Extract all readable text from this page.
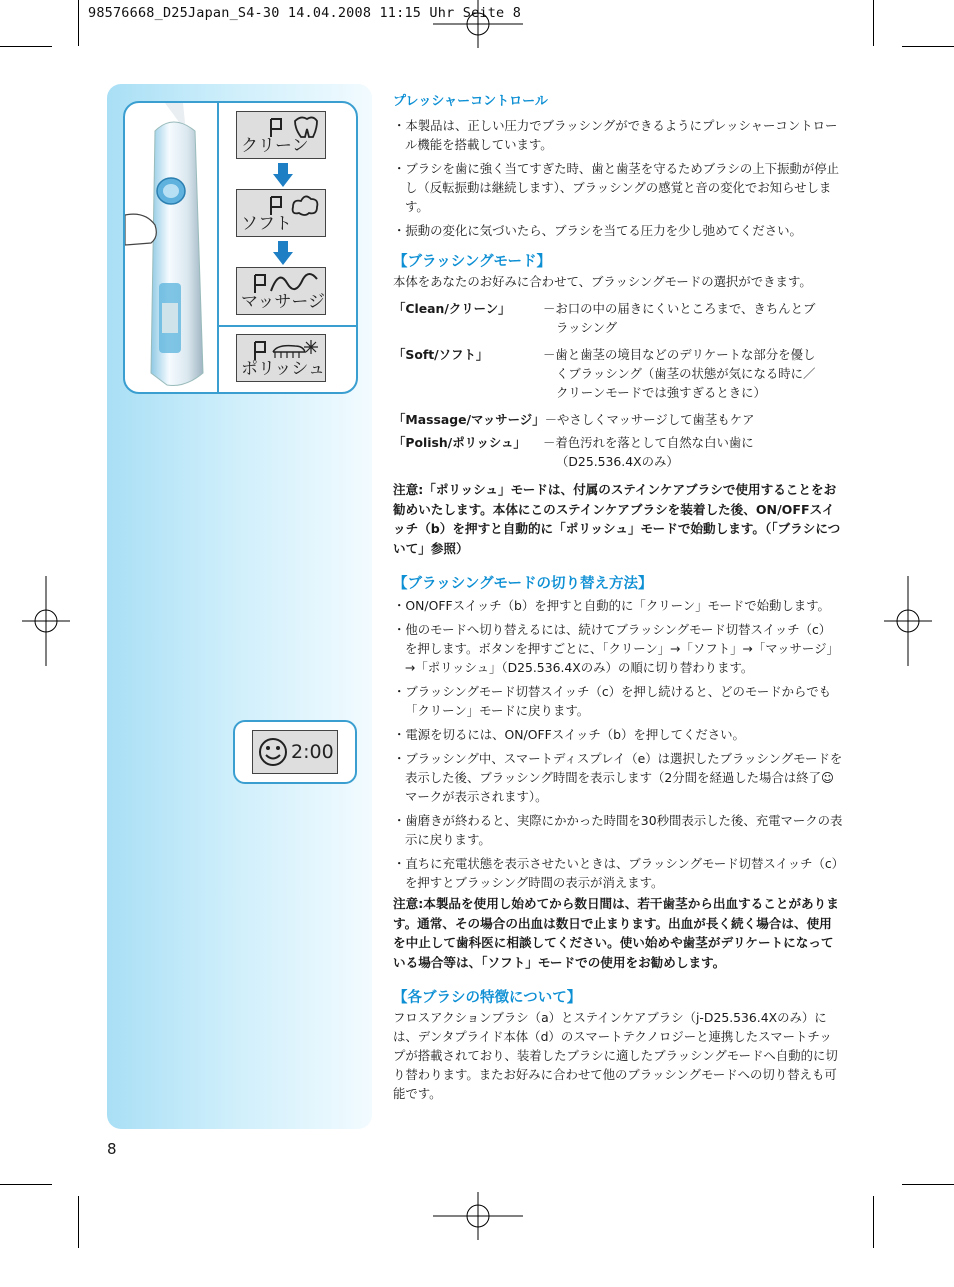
98576668_D25Japan_S4-30 14.04.2008 11:15 Uhr Seite 8
クリーン
ソフト
マッサージ
ポリッシュ
2:00

プレッシャーコントロール

・本製品は、正しい圧力でブラッシングができるようにプレッシャーコントロール機能を搭載しています。

・ブラシを歯に強く当てすぎた時、歯と歯茎を守るためブラシの上下振動が停止し（反転振動は継続します）、ブラッシングの感覚と音の変化でお知らせします。

・振動の変化に気づいたら、ブラシを当てる圧力を少し弛めてください。

【ブラッシングモード】

本体をあなたのお好みに合わせて、ブラッシングモードの選択ができます。

「Clean/クリーン」	－お口の中の届きにくいところまで、きちんとブ
ラッシング
「Soft/ソフト」	－歯と歯茎の境目などのデリケートな部分を優し
くブラッシング（歯茎の状態が気になる時に／
クリーンモードでは強すぎるときに）
「Massage/マッサージ」 －やさしくマッサージして歯茎もケア
「Polish/ポリッシュ」	－着色汚れを落として自然な白い歯に
（D25.536.4Xのみ）

注意:「ポリッシュ」モードは、付属のステインケアブラシで使用することをお勧めいたします。本体にこのステインケアブラシを装着した後、ON/OFFスイッチ（b）を押すと自動的に「ポリッシュ」モードで始動します。（「ブラシについて」参照）

【ブラッシングモードの切り替え方法】

・ON/OFFスイッチ（b）を押すと自動的に「クリーン」モードで始動します。

・他のモードへ切り替えるには、続けてブラッシングモード切替スイッチ（c）を押します。ボタンを押すごとに、「クリーン」→「ソフト」→「マッサージ」→「ポリッシュ」（D25.536.4Xのみ）の順に切り替わります。

・ブラッシングモード切替スイッチ（c）を押し続けると、どのモードからでも「クリーン」モードに戻ります。

・電源を切るには、ON/OFFスイッチ（b）を押してください。

・ブラッシング中、スマートディスプレイ（e）は選択したブラッシングモードを表示した後、ブラッシング時間を表示します（2分間を経過した場合は終了☺マークが表示されます）。

・歯磨きが終わると、実際にかかった時間を30秒間表示した後、充電マークの表示に戻ります。

・直ちに充電状態を表示させたいときは、ブラッシングモード切替スイッチ（c）を押すとブラッシング時間の表示が消えます。

注意:本製品を使用し始めてから数日間は、若干歯茎から出血することがあります。通常、その場合の出血は数日で止まります。出血が長く続く場合は、使用を中止して歯科医に相談してください。使い始めや歯茎がデリケートになっている場合等は、「ソフト」モードでの使用をお勧めします。

【各ブラシの特徴について】

フロスアクションブラシ（a）とステインケアブラシ（j-D25.536.4Xのみ）には、デンタプライド本体（d）のスマートテクノロジーと連携したスマートチップが搭載されており、装着したブラシに適したブラッシングモードへ自動的に切り替わります。またお好みに合わせて他のブラッシングモードへの切り替えも可能です。

8
